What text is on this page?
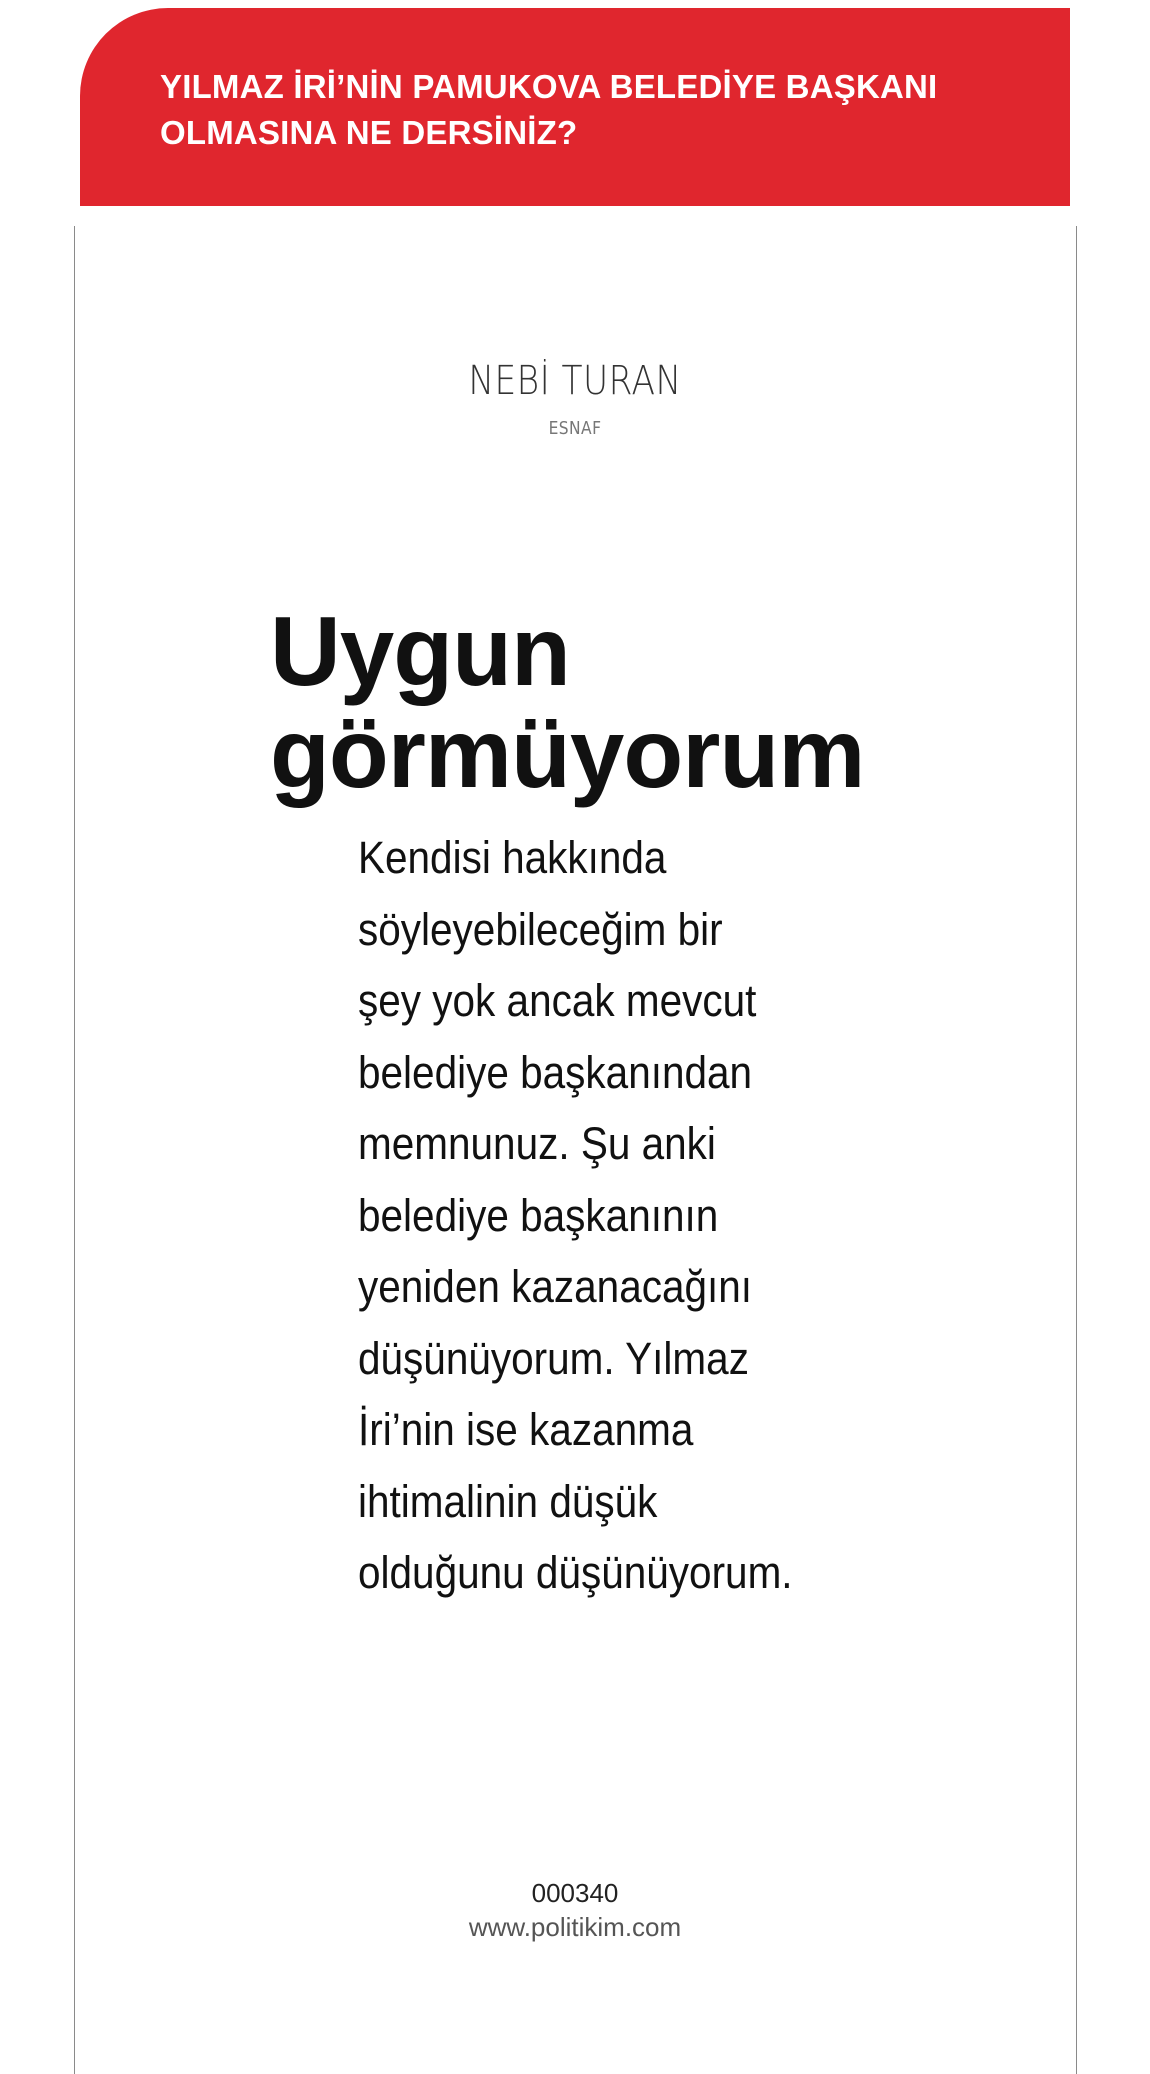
YILMAZ İRİ’NİN PAMUKOVA BELEDİYE BAŞKANI
OLMASINA NE DERSİNİZ?
NEBİ TURAN
ESNAF
Uygun
görmüyorum

Kendisi hakkında
söyleyebileceğim bir
şey yok ancak mevcut
belediye başkanından
memnunuz. Şu anki
belediye başkanının
yeniden kazanacağını
düşünüyorum. Yılmaz
İri’nin ise kazanma
ihtimalinin düşük
olduğunu düşünüyorum.

000340
www.politikim.com
